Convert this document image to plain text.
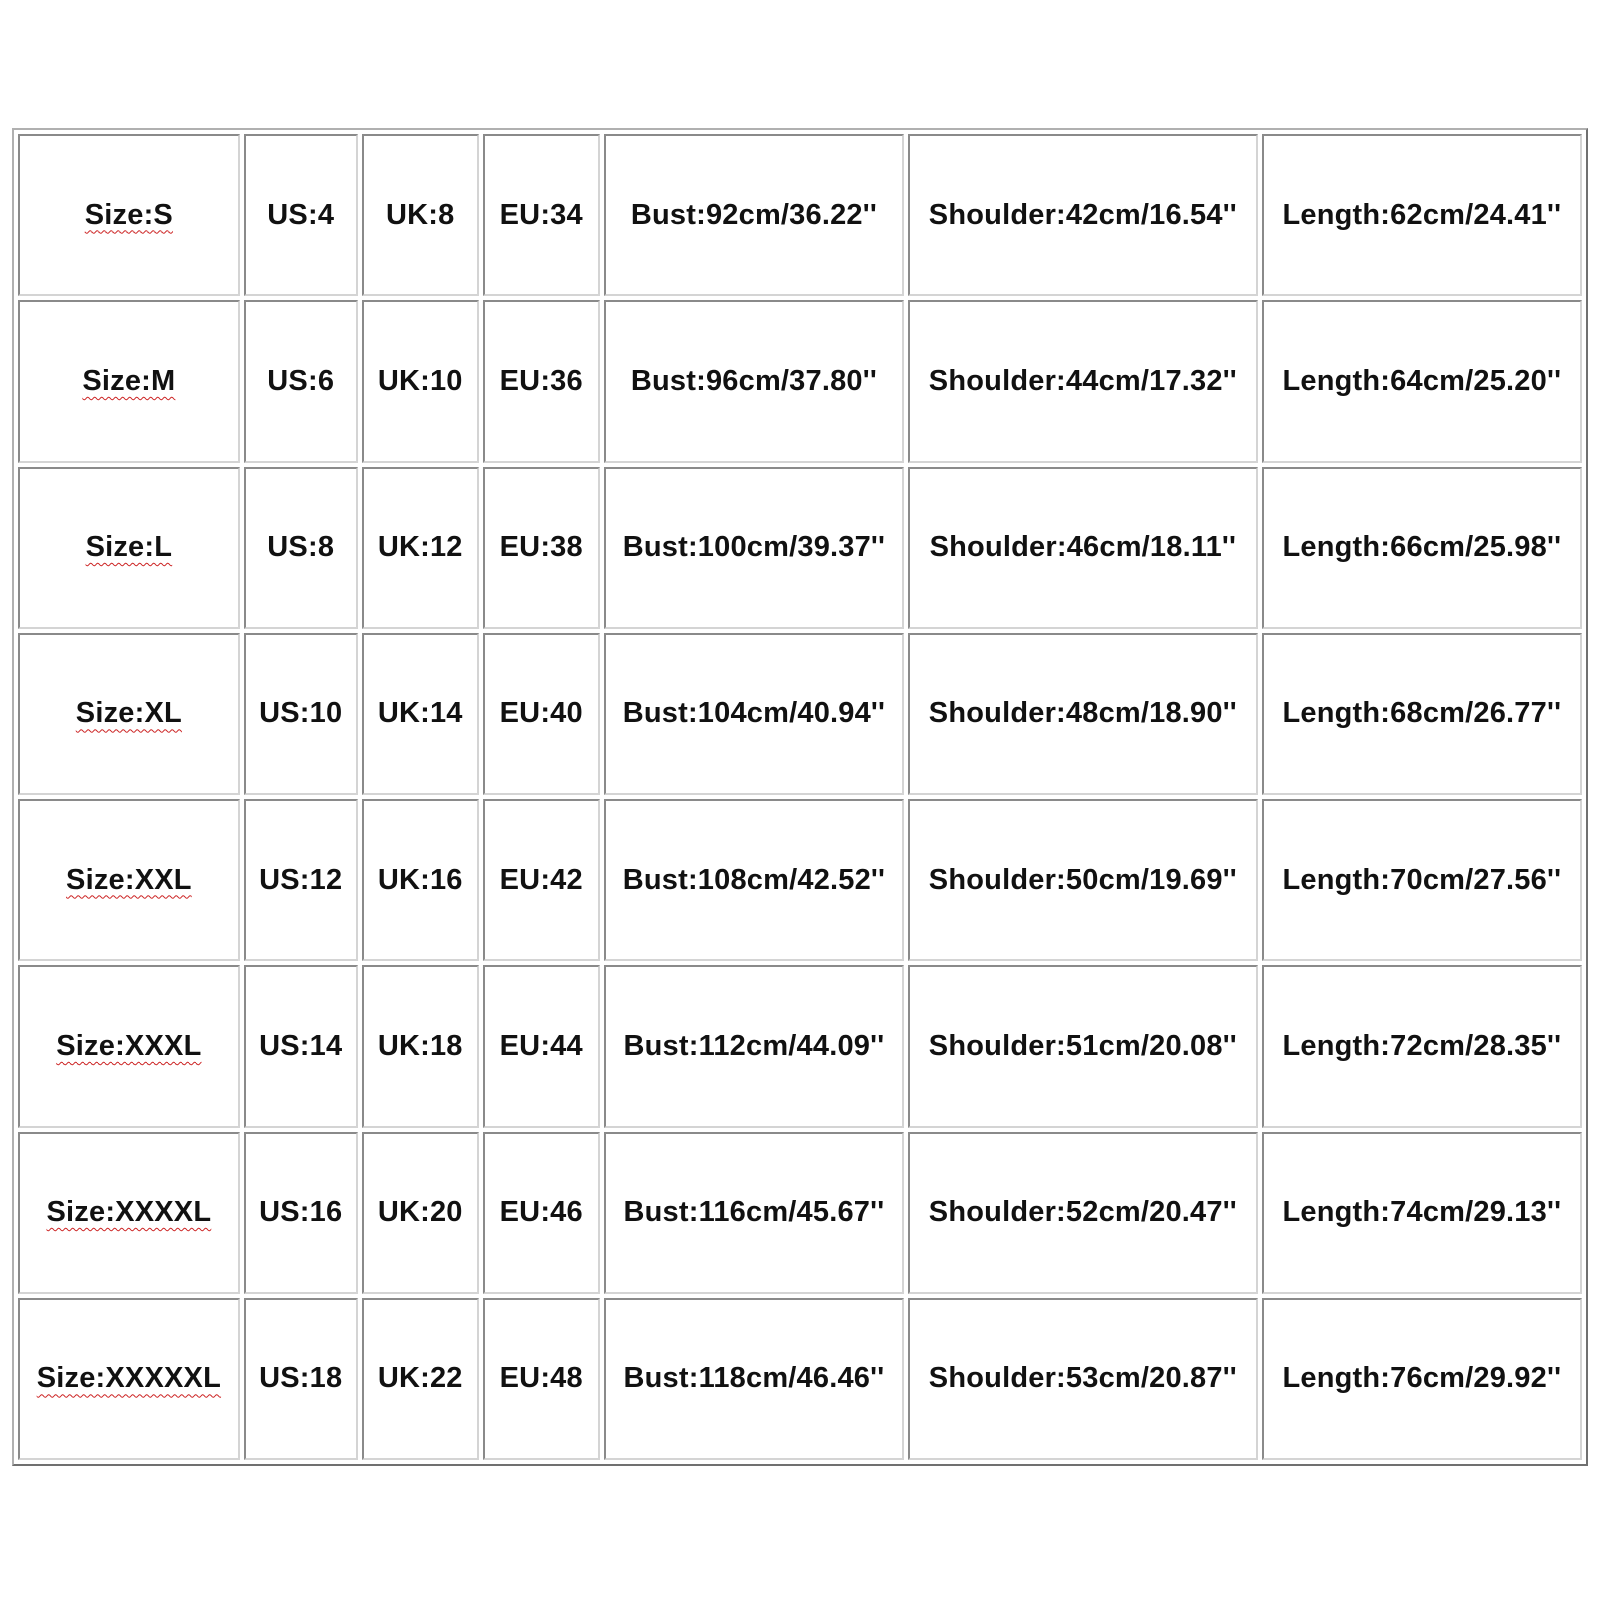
Size:S	US:4	UK:8	EU:34	Bust:92cm/36.22''	Shoulder:42cm/16.54''	Length:62cm/24.41''
Size:M	US:6	UK:10	EU:36	Bust:96cm/37.80''	Shoulder:44cm/17.32''	Length:64cm/25.20''
Size:L	US:8	UK:12	EU:38	Bust:100cm/39.37''	Shoulder:46cm/18.11''	Length:66cm/25.98''
Size:XL	US:10	UK:14	EU:40	Bust:104cm/40.94''	Shoulder:48cm/18.90''	Length:68cm/26.77''
Size:XXL	US:12	UK:16	EU:42	Bust:108cm/42.52''	Shoulder:50cm/19.69''	Length:70cm/27.56''
Size:XXXL	US:14	UK:18	EU:44	Bust:112cm/44.09''	Shoulder:51cm/20.08''	Length:72cm/28.35''
Size:XXXXL	US:16	UK:20	EU:46	Bust:116cm/45.67''	Shoulder:52cm/20.47''	Length:74cm/29.13''
Size:XXXXXL	US:18	UK:22	EU:48	Bust:118cm/46.46''	Shoulder:53cm/20.87''	Length:76cm/29.92''
